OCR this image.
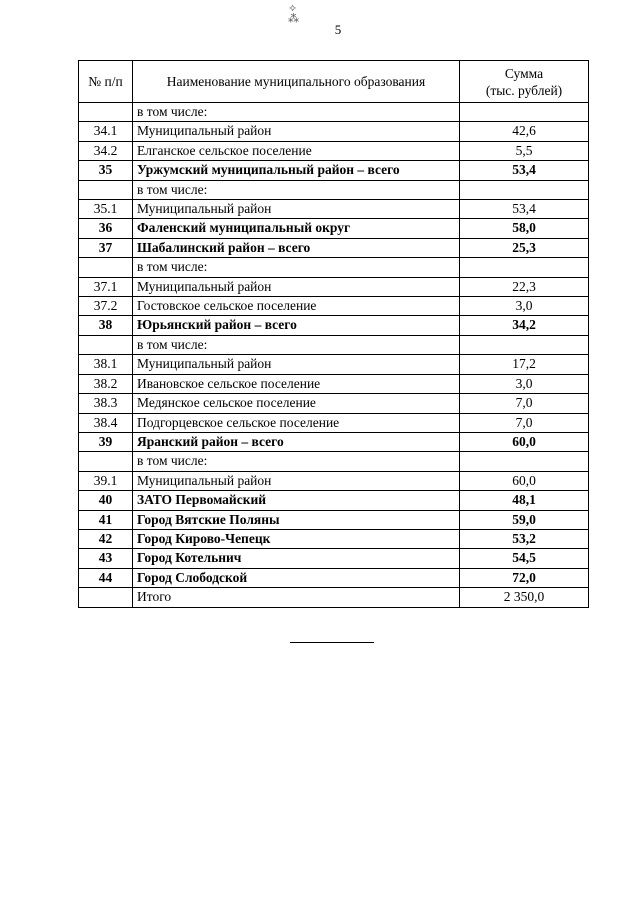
✧
⁂
5
№ п/п	Наименование муниципального образования	Сумма
(тыс. рублей)
	в том числе:	
34.1	Муниципальный район	42,6
34.2	Елганское сельское поселение	5,5
35	Уржумский муниципальный район – всего	53,4
	в том числе:	
35.1	Муниципальный район	53,4
36	Фаленский муниципальный округ	58,0
37	Шабалинский район – всего	25,3
	в том числе:	
37.1	Муниципальный район	22,3
37.2	Гостовское сельское поселение	3,0
38	Юрьянский район – всего	34,2
	в том числе:	
38.1	Муниципальный район	17,2
38.2	Ивановское сельское поселение	3,0
38.3	Медянское сельское поселение	7,0
38.4	Подгорцевское сельское поселение	7,0
39	Яранский район – всего	60,0
	в том числе:	
39.1	Муниципальный район	60,0
40	ЗАТО Первомайский	48,1
41	Город Вятские Поляны	59,0
42	Город Кирово-Чепецк	53,2
43	Город Котельнич	54,5
44	Город Слободской	72,0
	Итого	2 350,0
